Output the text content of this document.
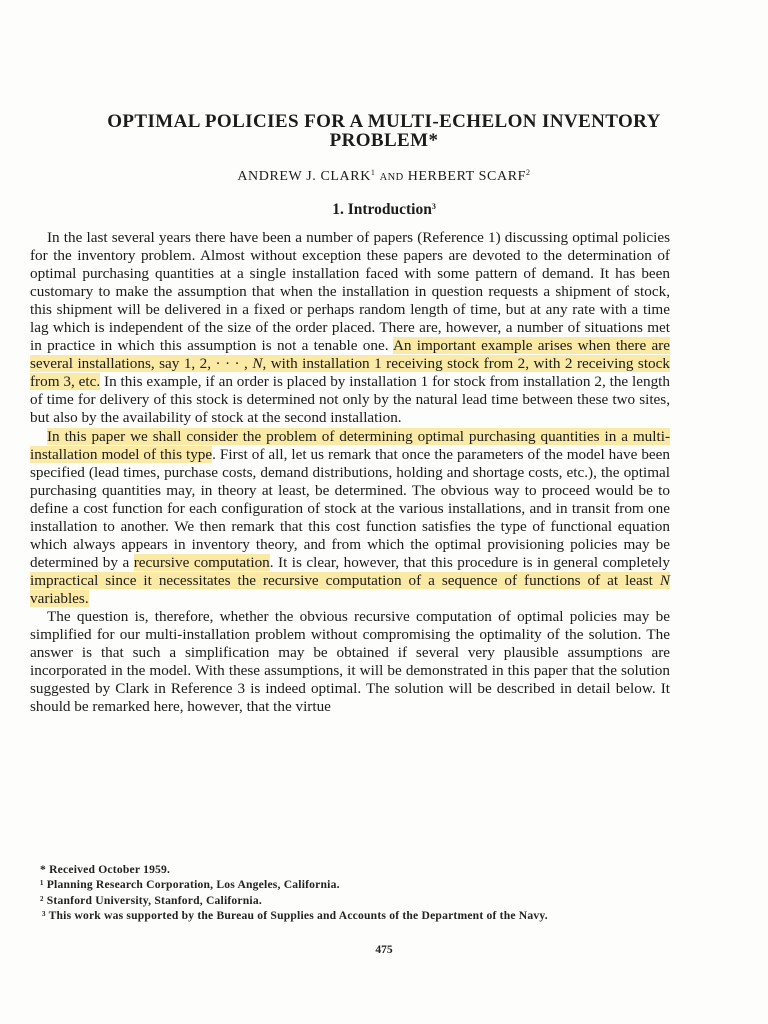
OPTIMAL POLICIES FOR A MULTI-ECHELON INVENTORY
PROBLEM*
ANDREW J. CLARK$^1$ AND HERBERT SCARF$^2$
1. Introduction$^3$

In the last several years there have been a number of papers (Reference 1) discussing optimal policies for the inventory problem. Almost without exception these papers are devoted to the determination of optimal purchasing quantities at a single installation faced with some pattern of demand. It has been customary to make the assumption that when the installation in question requests a shipment of stock, this shipment will be delivered in a fixed or perhaps random length of time, but at any rate with a time lag which is independent of the size of the order placed. There are, however, a number of situations met in practice in which this assumption is not a tenable one. An important example arises when there are several installations, say 1, 2, · · · , N, with installation 1 receiving stock from 2, with 2 receiving stock from 3, etc. In this example, if an order is placed by installation 1 for stock from installation 2, the length of time for delivery of this stock is determined not only by the natural lead time between these two sites, but also by the availability of stock at the second installation.

In this paper we shall consider the problem of determining optimal purchasing quantities in a multi-installation model of this type. First of all, let us remark that once the parameters of the model have been specified (lead times, purchase costs, demand distributions, holding and shortage costs, etc.), the optimal purchasing quantities may, in theory at least, be determined. The obvious way to proceed would be to define a cost function for each configuration of stock at the various installations, and in transit from one installation to another. We then remark that this cost function satisfies the type of functional equation which always appears in inventory theory, and from which the optimal provisioning policies may be determined by a recursive computation. It is clear, however, that this procedure is in general completely impractical since it necessitates the recursive computation of a sequence of functions of at least N variables.

The question is, therefore, whether the obvious recursive computation of optimal policies may be simplified for our multi-installation problem without compromising the optimality of the solution. The answer is that such a simplification may be obtained if several very plausible assumptions are incorporated in the model. With these assumptions, it will be demonstrated in this paper that the solution suggested by Clark in Reference 3 is indeed optimal. The solution will be described in detail below. It should be remarked here, however, that the virtue

* Received October 1959.
¹ Planning Research Corporation, Los Angeles, California.
² Stanford University, Stanford, California.
³ This work was supported by the Bureau of Supplies and Accounts of the Department of the Navy.
475
